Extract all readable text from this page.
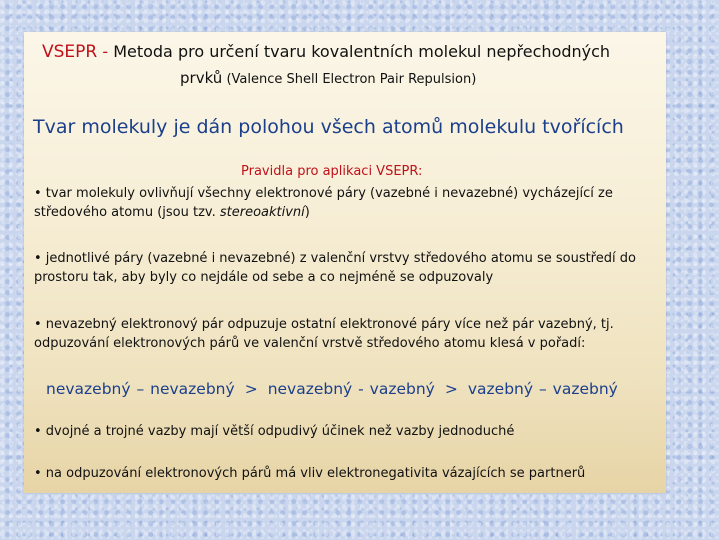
VSEPR - Metoda pro určení tvaru kovalentních molekul nepřechodných
prvků (Valence Shell Electron Pair Repulsion)
Tvar molekuly je dán polohou všech atomů molekulu tvořících
Pravidla pro aplikaci VSEPR:
• tvar molekuly ovlivňují všechny elektronové páry (vazebné i nevazebné) vycházející ze středového atomu (jsou tzv. stereoaktivní)
• jednotlivé páry (vazebné i nevazebné) z valenční vrstvy středového atomu se soustředí do prostoru tak, aby byly co nejdále od sebe a co nejméně se odpuzovaly
• nevazebný elektronový pár odpuzuje ostatní elektronové páry více než pár vazebný, tj. odpuzování elektronových párů ve valenční vrstvě středového atomu klesá v pořadí:
nevazebný – nevazebný > nevazebný - vazebný > vazebný – vazebný
• dvojné a trojné vazby mají větší odpudivý účinek než vazby jednoduché
• na odpuzování elektronových párů má vliv elektronegativita vázajících se partnerů
